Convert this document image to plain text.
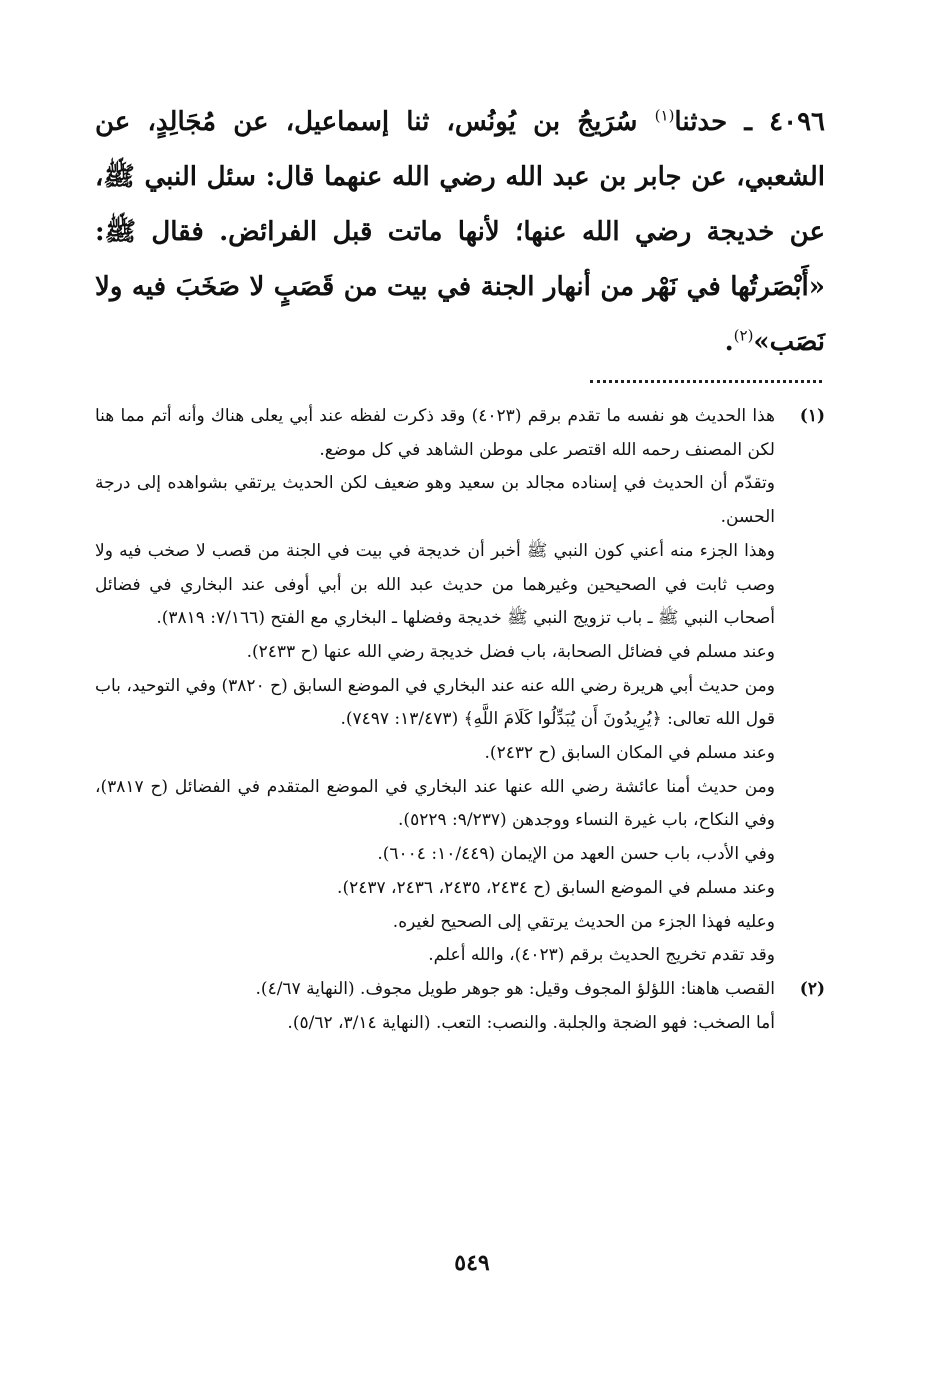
٤٠٩٦ ـ حدثنا$^{(١)}$ سُرَيجُ بن يُونُس، ثنا إسماعيل، عن مُجَالِدٍ، عن الشعبي، عن جابر بن عبد الله رضي الله عنهما قال: سئل النبي ﷺ، عن خديجة رضي الله عنها؛ لأنها ماتت قبل الفرائض. فقال ﷺ: «أَبْصَرتُها في نَهْر من أنهار الجنة في بيت من قَصَبٍ لا صَخَبَ فيه ولا نَصَب»$^{(٢)}$.
(١)
هذا الحديث هو نفسه ما تقدم برقم (٤٠٢٣) وقد ذكرت لفظه عند أبي يعلى هناك وأنه أتم مما هنا لكن المصنف رحمه الله اقتصر على موطن الشاهد في كل موضع.
وتقدّم أن الحديث في إسناده مجالد بن سعيد وهو ضعيف لكن الحديث يرتقي بشواهده إلى درجة الحسن.
وهذا الجزء منه أعني كون النبي ﷺ أخبر أن خديجة في بيت في الجنة من قصب لا صخب فيه ولا وصب ثابت في الصحيحين وغيرهما من حديث عبد الله بن أبي أوفى عند البخاري في فضائل أصحاب النبي ﷺ ـ باب تزويج النبي ﷺ خديجة وفضلها ـ البخاري مع الفتح (٧/١٦٦: ٣٨١٩).
وعند مسلم في فضائل الصحابة، باب فضل خديجة رضي الله عنها (ح ٢٤٣٣).
ومن حديث أبي هريرة رضي الله عنه عند البخاري في الموضع السابق (ح ٣٨٢٠) وفي التوحيد، باب قول الله تعالى: ﴿يُرِيدُونَ أَن يُبَدِّلُوا كَلَامَ اللَّهِ﴾ (١٣/٤٧٣: ٧٤٩٧).
وعند مسلم في المكان السابق (ح ٢٤٣٢).
ومن حديث أمنا عائشة رضي الله عنها عند البخاري في الموضع المتقدم في الفضائل (ح ٣٨١٧)، وفي النكاح، باب غيرة النساء ووجدهن (٩/٢٣٧: ٥٢٢٩).
وفي الأدب، باب حسن العهد من الإيمان (١٠/٤٤٩: ٦٠٠٤).
وعند مسلم في الموضع السابق (ح ٢٤٣٤، ٢٤٣٥، ٢٤٣٦، ٢٤٣٧).
وعليه فهذا الجزء من الحديث يرتقي إلى الصحيح لغيره.
وقد تقدم تخريج الحديث برقم (٤٠٢٣)، والله أعلم.
(٢)
القصب هاهنا: اللؤلؤ المجوف وقيل: هو جوهر طويل مجوف. (النهاية ٤/٦٧).
أما الصخب: فهو الضجة والجلبة. والنصب: التعب. (النهاية ٣/١٤، ٥/٦٢).
٥٤٩
